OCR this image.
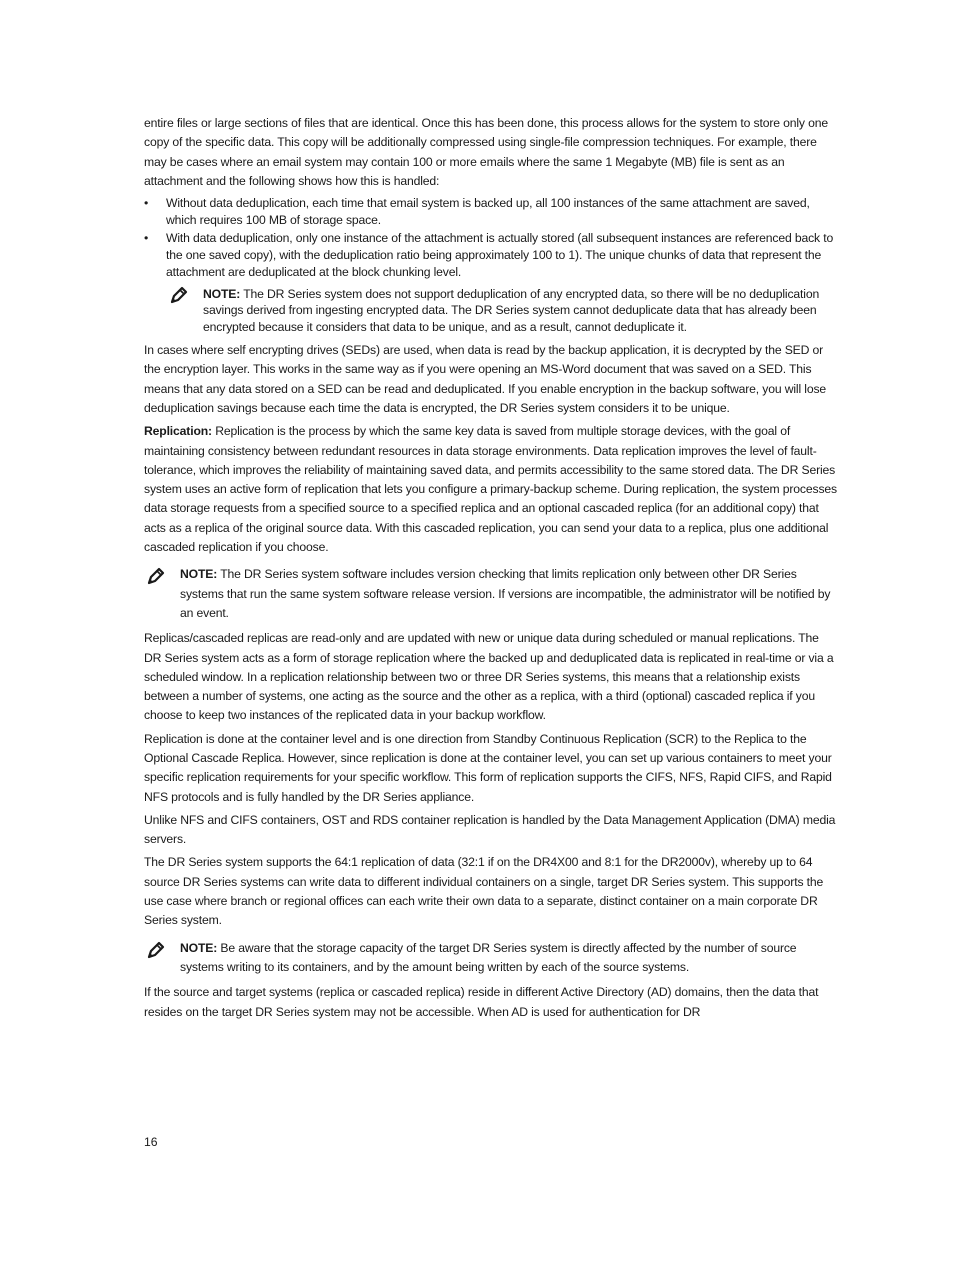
entire files or large sections of files that are identical. Once this has been done, this process allows for the system to store only one copy of the specific data. This copy will be additionally compressed using single-file compression techniques. For example, there may be cases where an email system may contain 100 or more emails where the same 1 Megabyte (MB) file is sent as an attachment and the following shows how this is handled:

• Without data deduplication, each time that email system is backed up, all 100 instances of the same attachment are saved, which requires 100 MB of storage space.
• With data deduplication, only one instance of the attachment is actually stored (all subsequent instances are referenced back to the one saved copy), with the deduplication ratio being approximately 100 to 1). The unique chunks of data that represent the attachment are deduplicated at the block chunking level.
NOTE: The DR Series system does not support deduplication of any encrypted data, so there will be no deduplication savings derived from ingesting encrypted data. The DR Series system cannot deduplicate data that has already been encrypted because it considers that data to be unique, and as a result, cannot deduplicate it.

In cases where self encrypting drives (SEDs) are used, when data is read by the backup application, it is decrypted by the SED or the encryption layer. This works in the same way as if you were opening an MS-Word document that was saved on a SED. This means that any data stored on a SED can be read and deduplicated. If you enable encryption in the backup software, you will lose deduplication savings because each time the data is encrypted, the DR Series system considers it to be unique.

Replication: Replication is the process by which the same key data is saved from multiple storage devices, with the goal of maintaining consistency between redundant resources in data storage environments. Data replication improves the level of fault-tolerance, which improves the reliability of maintaining saved data, and permits accessibility to the same stored data. The DR Series system uses an active form of replication that lets you configure a primary-backup scheme. During replication, the system processes data storage requests from a specified source to a specified replica and an optional cascaded replica (for an additional copy) that acts as a replica of the original source data. With this cascaded replication, you can send your data to a replica, plus one additional cascaded replication if you choose.

NOTE: The DR Series system software includes version checking that limits replication only between other DR Series systems that run the same system software release version. If versions are incompatible, the administrator will be notified by an event.

Replicas/cascaded replicas are read-only and are updated with new or unique data during scheduled or manual replications. The DR Series system acts as a form of storage replication where the backed up and deduplicated data is replicated in real-time or via a scheduled window. In a replication relationship between two or three DR Series systems, this means that a relationship exists between a number of systems, one acting as the source and the other as a replica, with a third (optional) cascaded replica if you choose to keep two instances of the replicated data in your backup workflow.

Replication is done at the container level and is one direction from Standby Continuous Replication (SCR) to the Replica to the Optional Cascade Replica. However, since replication is done at the container level, you can set up various containers to meet your specific replication requirements for your specific workflow. This form of replication supports the CIFS, NFS, Rapid CIFS, and Rapid NFS protocols and is fully handled by the DR Series appliance.

Unlike NFS and CIFS containers, OST and RDS container replication is handled by the Data Management Application (DMA) media servers.

The DR Series system supports the 64:1 replication of data (32:1 if on the DR4X00 and 8:1 for the DR2000v), whereby up to 64 source DR Series systems can write data to different individual containers on a single, target DR Series system. This supports the use case where branch or regional offices can each write their own data to a separate, distinct container on a main corporate DR Series system.

NOTE: Be aware that the storage capacity of the target DR Series system is directly affected by the number of source systems writing to its containers, and by the amount being written by each of the source systems.

If the source and target systems (replica or cascaded replica) reside in different Active Directory (AD) domains, then the data that resides on the target DR Series system may not be accessible. When AD is used for authentication for DR

16
